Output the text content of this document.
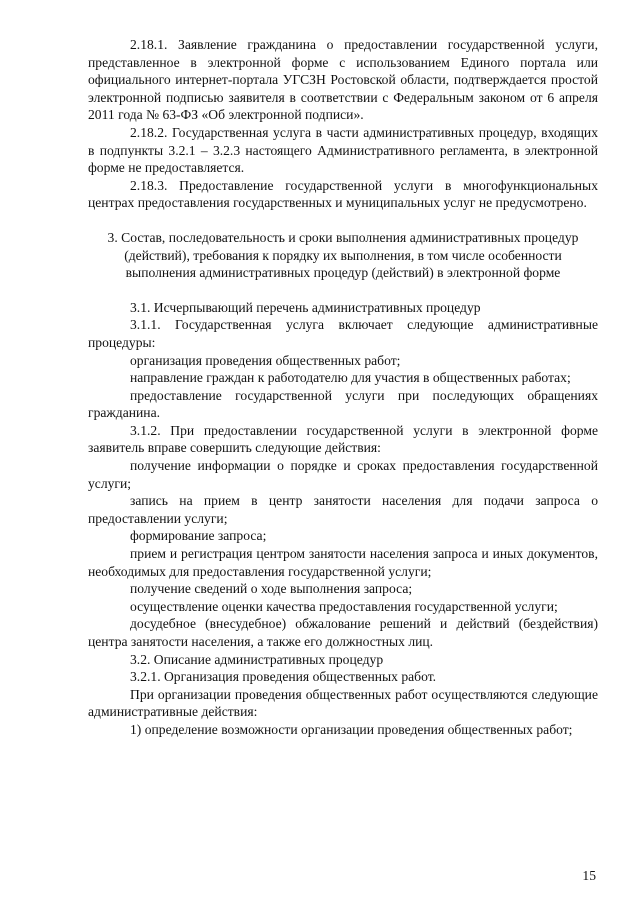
2.18.1. Заявление гражданина о предоставлении государственной услуги, представленное в электронной форме с использованием Единого портала или официального интернет-портала УГСЗН Ростовской области, подтверждается простой электронной подписью заявителя в соответствии с Федеральным законом от 6 апреля 2011 года № 63-ФЗ «Об электронной подписи».

2.18.2. Государственная услуга в части административных процедур, входящих в подпункты 3.2.1 – 3.2.3 настоящего Административного регламента, в электронной форме не предоставляется.

2.18.3. Предоставление государственной услуги в многофункциональных центрах предоставления государственных и муниципальных услуг не предусмотрено.

3. Состав, последовательность и сроки выполнения административных процедур (действий), требования к порядку их выполнения, в том числе особенности выполнения административных процедур (действий) в электронной форме

3.1. Исчерпывающий перечень административных процедур

3.1.1. Государственная услуга включает следующие административные процедуры:

организация проведения общественных работ;

направление граждан к работодателю для участия в общественных работах;

предоставление государственной услуги при последующих обращениях гражданина.

3.1.2. При предоставлении государственной услуги в электронной форме заявитель вправе совершить следующие действия:

получение информации о порядке и сроках предоставления государственной услуги;

запись на прием в центр занятости населения для подачи запроса о предоставлении услуги;

формирование запроса;

прием и регистрация центром занятости населения запроса и иных документов, необходимых для предоставления государственной услуги;

получение сведений о ходе выполнения запроса;

осуществление оценки качества предоставления государственной услуги;

досудебное (внесудебное) обжалование решений и действий (бездействия) центра занятости населения, а также его должностных лиц.

3.2. Описание административных процедур

3.2.1. Организация проведения общественных работ.

При организации проведения общественных работ осуществляются следующие административные действия:

1) определение возможности организации проведения общественных работ;

15
